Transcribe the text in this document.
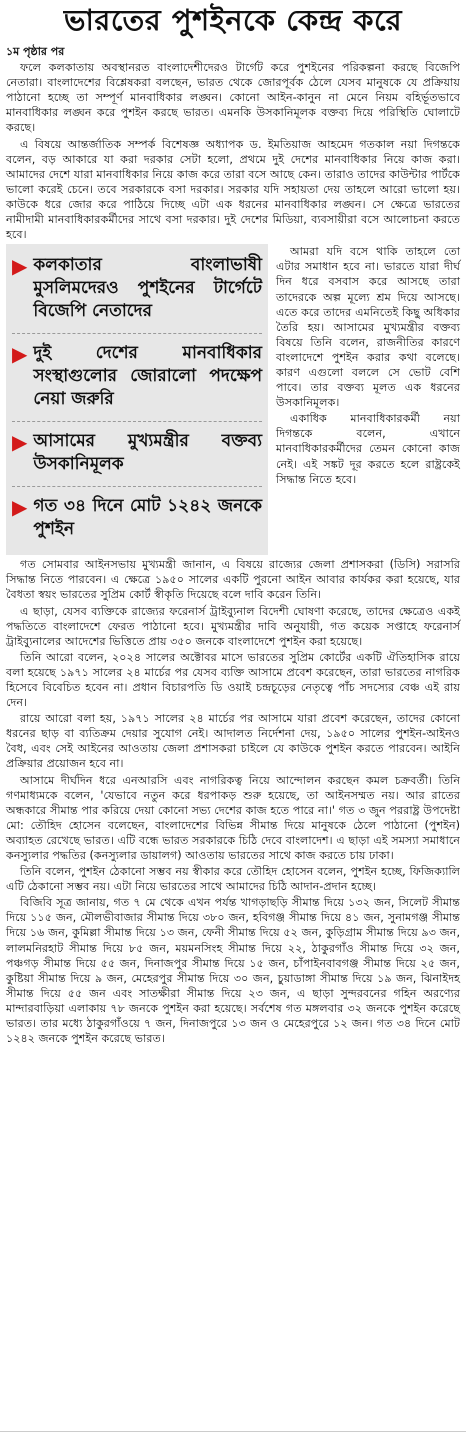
ভারতের পুশইনকে কেন্দ্র করে
১ম পৃষ্ঠার পর

ফলে কলকাতায় অবস্থানরত বাংলাদেশীদেরও টার্গেট করে পুশইনের পরিকল্পনা করছে বিজেপি নেতারা। বাংলাদেশের বিশ্লেষকরা বলছেন, ভারত থেকে জোরপূর্বক ঠেলে যেসব মানুষকে যে প্রক্রিয়ায় পাঠানো হচ্ছে তা সম্পূর্ণ মানবাধিকার লঙ্ঘন। কোনো আইন-কানুন না মেনে নিয়ম বহির্ভূতভাবে মানবাধিকার লঙ্ঘন করে পুশইন করছে ভারত। এমনকি উসকানিমূলক বক্তব্য দিয়ে পরিস্থিতি ঘোলাটে করছে।

এ বিষয়ে আন্তর্জাতিক সম্পর্ক বিশেষজ্ঞ অধ্যাপক ড. ইমতিয়াজ আহমেদ গতকাল নয়া দিগন্তকে বলেন, বড় আকারে যা করা দরকার সেটা হলো, প্রথমে দুই দেশের মানবাধিকার নিয়ে কাজ করা। আমাদের দেশে যারা মানবাধিকার নিয়ে কাজ করে তারা বসে আছে কেন। তারাও তাদের কাউন্টার পার্টকে ভালো করেই চেনে। তবে সরকারকে বসা দরকার। সরকার যদি সহায়তা দেয় তাহলে আরো ভালো হয়। কাউকে ধরে জোর করে পাঠিয়ে দিচ্ছে এটা এক ধরনের মানবাধিকার লঙ্ঘন। সে ক্ষেত্রে ভারতের নামীদামী মানবাধিকারকর্মীদের সাথে বসা দরকার। দুই দেশের মিডিয়া, ব্যবসায়ীরা বসে আলোচনা করতে হবে।

▶ কলকাতার বাংলাভাষী মুসলিমদেরও পুশইনের টার্গেটে বিজেপি নেতাদের
▶ দুই দেশের মানবাধিকার সংস্থাগুলোর জোরালো পদক্ষেপ নেয়া জরুরি
▶ আসামের মুখ্যমন্ত্রীর বক্তব্য উসকানিমূলক
▶ গত ৩৪ দিনে মোট ১২৪২ জনকে পুশইন

আমরা যদি বসে থাকি তাহলে তো এটার সমাধান হবে না। ভারতে যারা দীর্ঘ দিন ধরে বসবাস করে আসছে তারা তাদেরকে অল্প মূল্যে শ্রম দিয়ে আসছে। এতে করে তাদের এমনিতেই কিছু অধিকার তৈরি হয়। আসামের মুখ্যমন্ত্রীর বক্তব্য বিষয়ে তিনি বলেন, রাজনীতির কারণে বাংলাদেশে পুশইন করার কথা বলেছে। কারণ এগুলো বললে সে ভোট বেশি পাবে। তার বক্তব্য মূলত এক ধরনের উসকানিমূলক।

একাধিক মানবাধিকারকর্মী নয়া দিগন্তকে বলেন, এখানে মানবাধিকারকর্মীদের তেমন কোনো কাজ নেই। এই সঙ্কট দূর করতে হলে রাষ্ট্রকেই সিদ্ধান্ত নিতে হবে।

গত সোমবার আইনসভায় মুখ্যমন্ত্রী জানান, এ বিষয়ে রাজ্যের জেলা প্রশাসকরা (ডিসি) সরাসরি সিদ্ধান্ত নিতে পারবেন। এ ক্ষেত্রে ১৯৫০ সালের একটি পুরনো আইন আবার কার্যকর করা হয়েছে, যার বৈধতা স্বয়ং ভারতের সুপ্রিম কোর্ট স্বীকৃতি দিয়েছে বলে দাবি করেন তিনি।

এ ছাড়া, যেসব ব্যক্তিকে রাজ্যের ফরেনার্স ট্রাইব্যুনাল বিদেশী ঘোষণা করেছে, তাদের ক্ষেত্রেও একই পদ্ধতিতে বাংলাদেশে ফেরত পাঠানো হবে। মুখ্যমন্ত্রীর দাবি অনুযায়ী, গত কয়েক সপ্তাহে ফরেনার্স ট্রাইব্যুনালের আদেশের ভিত্তিতে প্রায় ৩৫০ জনকে বাংলাদেশে পুশইন করা হয়েছে।

তিনি আরো বলেন, ২০২৪ সালের অক্টোবর মাসে ভারতের সুপ্রিম কোর্টের একটি ঐতিহাসিক রায়ে বলা হয়েছে ১৯৭১ সালের ২৪ মার্চের পর যেসব ব্যক্তি আসামে প্রবেশ করেছেন, তারা ভারতের নাগরিক হিসেবে বিবেচিত হবেন না। প্রধান বিচারপতি ডি ওয়াই চন্দ্রচূড়ের নেতৃত্বে পাঁচ সদস্যের বেঞ্চ এই রায় দেন।

রায়ে আরো বলা হয়, ১৯৭১ সালের ২৪ মার্চের পর আসামে যারা প্রবেশ করেছেন, তাদের কোনো ধরনের ছাড় বা ব্যতিক্রম দেয়ার সুযোগ নেই। আদালত নির্দেশনা দেয়, ১৯৫০ সালের পুশইন-আইনও বৈধ, এবং সেই আইনের আওতায় জেলা প্রশাসকরা চাইলে যে কাউকে পুশইন করতে পারবেন। আইনি প্রক্রিয়ার প্রয়োজন হবে না।

আসামে দীর্ঘদিন ধরে এনআরসি এবং নাগরিকত্ব নিয়ে আন্দোলন করছেন কমল চক্রবর্তী। তিনি গণমাধ্যমকে বলেন, 'যেভাবে নতুন করে ধরপাকড় শুরু হয়েছে, তা আইনসম্মত নয়। আর রাতের অন্ধকারে সীমান্ত পার করিয়ে দেয়া কোনো সভ্য দেশের কাজ হতে পারে না।' গত ৩ জুন পররাষ্ট্র উপদেষ্টা মো: তৌহিদ হোসেন বলেছেন, বাংলাদেশের বিভিন্ন সীমান্ত দিয়ে মানুষকে ঠেলে পাঠানো (পুশইন) অব্যাহত রেখেছে ভারত। এটি বন্ধে ভারত সরকারকে চিঠি দেবে বাংলাদেশ। এ ছাড়া এই সমস্যা সমাধানে কনস্যুলার পদ্ধতির (কনস্যুলার ডায়ালগ) আওতায় ভারতের সাথে কাজ করতে চায় ঢাকা।

তিনি বলেন, পুশইন ঠেকানো সম্ভব নয় স্বীকার করে তৌহিদ হোসেন বলেন, পুশইন হচ্ছে, ফিজিক্যালি এটি ঠেকানো সম্ভব নয়। এটা নিয়ে ভারতের সাথে আমাদের চিঠি আদান-প্রদান হচ্ছে।

বিজিবি সূত্র জানায়, গত ৭ মে থেকে এখন পর্যন্ত খাগড়াছড়ি সীমান্ত দিয়ে ১৩২ জন, সিলেট সীমান্ত দিয়ে ১১৫ জন, মৌলভীবাজার সীমান্ত দিয়ে ৩৮০ জন, হবিগঞ্জ সীমান্ত দিয়ে ৪১ জন, সুনামগঞ্জ সীমান্ত দিয়ে ১৬ জন, কুমিল্লা সীমান্ত দিয়ে ১৩ জন, ফেনী সীমান্ত দিয়ে ৫২ জন, কুড়িগ্রাম সীমান্ত দিয়ে ৯৩ জন, লালমনিরহাট সীমান্ত দিয়ে ৮৫ জন, ময়মনসিংহ সীমান্ত দিয়ে ২২, ঠাকুরগাঁও সীমান্ত দিয়ে ৩২ জন, পঞ্চগড় সীমান্ত দিয়ে ৫৫ জন, দিনাজপুর সীমান্ত দিয়ে ১৫ জন, চাঁপাইনবাবগঞ্জ সীমান্ত দিয়ে ২৫ জন, কুষ্টিয়া সীমান্ত দিয়ে ৯ জন, মেহেরপুর সীমান্ত দিয়ে ৩০ জন, চুয়াডাঙ্গা সীমান্ত দিয়ে ১৯ জন, ঝিনাইদহ সীমান্ত দিয়ে ৫৫ জন এবং সাতক্ষীরা সীমান্ত দিয়ে ২৩ জন, এ ছাড়া সুন্দরবনের গহিন অরণ্যের মান্দারবাড়িয়া এলাকায় ৭৮ জনকে পুশইন করা হয়েছে। সর্বশেষ গত মঙ্গলবার ৩২ জনকে পুশইন করেছে ভারত। তার মধ্যে ঠাকুরগাঁওয়ে ৭ জন, দিনাজপুরে ১৩ জন ও মেহেরপুরে ১২ জন। গত ৩৪ দিনে মোট ১২৪২ জনকে পুশইন করেছে ভারত।
